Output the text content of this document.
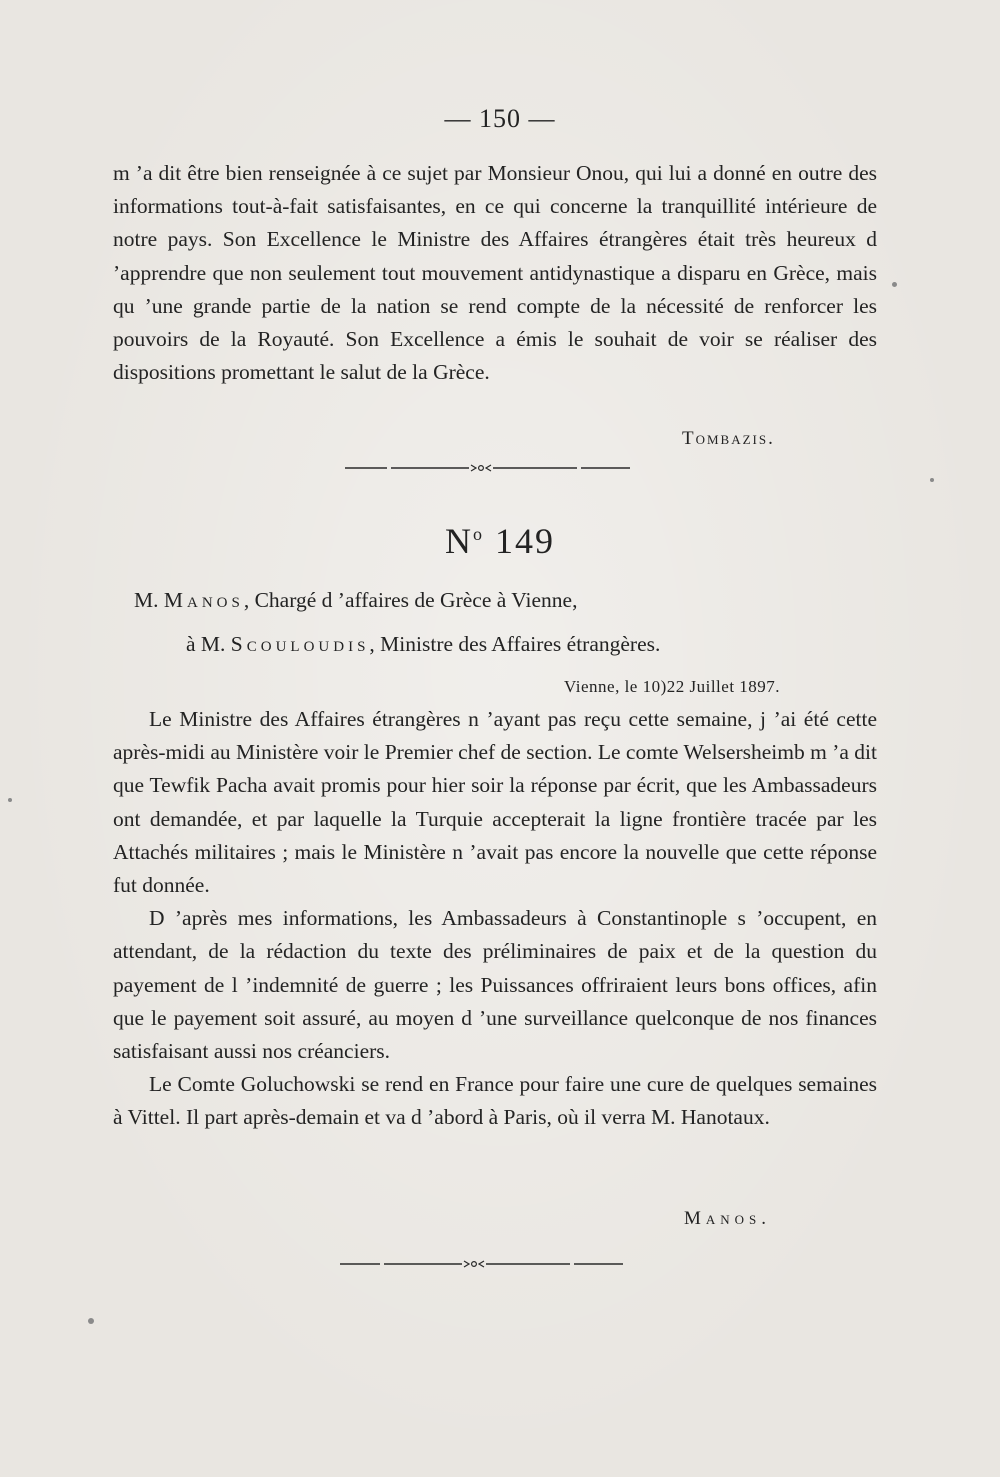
— 150 —

m ’a dit être bien renseignée à ce sujet par Monsieur Onou, qui lui a donné en outre des informations tout-à-fait satisfaisantes, en ce qui concerne la tranquillité intérieure de notre pays. Son Excellence le Ministre des Affaires étrangères était très heureux d ’apprendre que non seulement tout mouvement antidynastique a disparu en Grèce, mais qu ’une grande partie de la nation se rend compte de la nécessité de renforcer les pouvoirs de la Royauté. Son Excellence a émis le souhait de voir se réaliser des dispositions promettant le salut de la Grèce.

Tombazis.
$N^o$ 149
M. Manos, Chargé d ’affaires de Grèce à Vienne,
à M. Scouloudis, Ministre des Affaires étrangères.
Vienne, le 10)22 Juillet 1897.

Le Ministre des Affaires étrangères n ’ayant pas reçu cette semaine, j ’ai été cette après-midi au Ministère voir le Premier chef de section. Le comte Welsersheimb m ’a dit que Tewfik Pacha avait promis pour hier soir la réponse par écrit, que les Ambassadeurs ont demandée, et par laquelle la Turquie accepterait la ligne frontière tracée par les Attachés militaires ; mais le Ministère n ’avait pas encore la nouvelle que cette réponse fut donnée.

D ’après mes informations, les Ambassadeurs à Constantinople s ’occupent, en attendant, de la rédaction du texte des préliminaires de paix et de la question du payement de l ’indemnité de guerre ; les Puissances offriraient leurs bons offices, afin que le payement soit assuré, au moyen d ’une surveillance quelconque de nos finances satisfaisant aussi nos créanciers.

Le Comte Goluchowski se rend en France pour faire une cure de quelques semaines à Vittel. Il part après-demain et va d ’abord à Paris, où il verra M. Hanotaux.

Manos.
